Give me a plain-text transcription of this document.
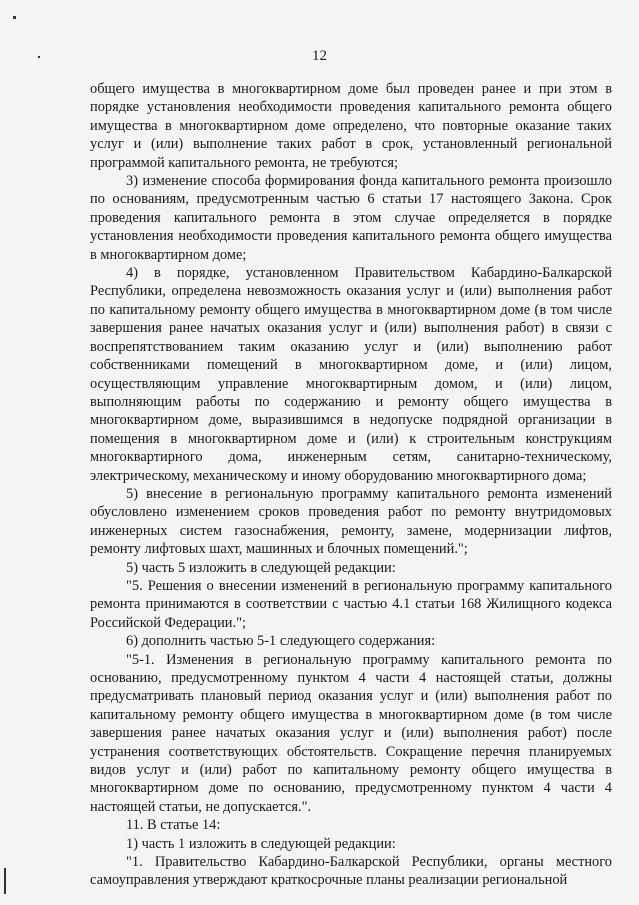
12

общего имущества в многоквартирном доме был проведен ранее и при этом в порядке установления необходимости проведения капитального ремонта общего имущества в многоквартирном доме определено, что повторные оказание таких услуг и (или) выполнение таких работ в срок, установленный региональной программой капитального ремонта, не требуются;

3) изменение способа формирования фонда капитального ремонта произошло по основаниям, предусмотренным частью 6 статьи 17 настоящего Закона. Срок проведения капитального ремонта в этом случае определяется в порядке установления необходимости проведения капитального ремонта общего имущества в многоквартирном доме;

4) в порядке, установленном Правительством Кабардино-Балкарской Республики, определена невозможность оказания услуг и (или) выполнения работ по капитальному ремонту общего имущества в многоквартирном доме (в том числе завершения ранее начатых оказания услуг и (или) выполнения работ) в связи с воспрепятствованием таким оказанию услуг и (или) выполнению работ собственниками помещений в многоквартирном доме, и (или) лицом, осуществляющим управление многоквартирным домом, и (или) лицом, выполняющим работы по содержанию и ремонту общего имущества в многоквартирном доме, выразившимся в недопуске подрядной организации в помещения в многоквартирном доме и (или) к строительным конструкциям многоквартирного дома, инженерным сетям, санитарно-техническому, электрическому, механическому и иному оборудованию многоквартирного дома;

5) внесение в региональную программу капитального ремонта изменений обусловлено изменением сроков проведения работ по ремонту внутридомовых инженерных систем газоснабжения, ремонту, замене, модернизации лифтов, ремонту лифтовых шахт, машинных и блочных помещений.";

5) часть 5 изложить в следующей редакции:

"5. Решения о внесении изменений в региональную программу капитального ремонта принимаются в соответствии с частью 4.1 статьи 168 Жилищного кодекса Российской Федерации.";

6) дополнить частью 5-1 следующего содержания:

"5-1. Изменения в региональную программу капитального ремонта по основанию, предусмотренному пунктом 4 части 4 настоящей статьи, должны предусматривать плановый период оказания услуг и (или) выполнения работ по капитальному ремонту общего имущества в многоквартирном доме (в том числе завершения ранее начатых оказания услуг и (или) выполнения работ) после устранения соответствующих обстоятельств. Сокращение перечня планируемых видов услуг и (или) работ по капитальному ремонту общего имущества в многоквартирном доме по основанию, предусмотренному пунктом 4 части 4 настоящей статьи, не допускается.".

11. В статье 14:

1) часть 1 изложить в следующей редакции:

"1. Правительство Кабардино-Балкарской Республики, органы местного самоуправления утверждают краткосрочные планы реализации региональной
